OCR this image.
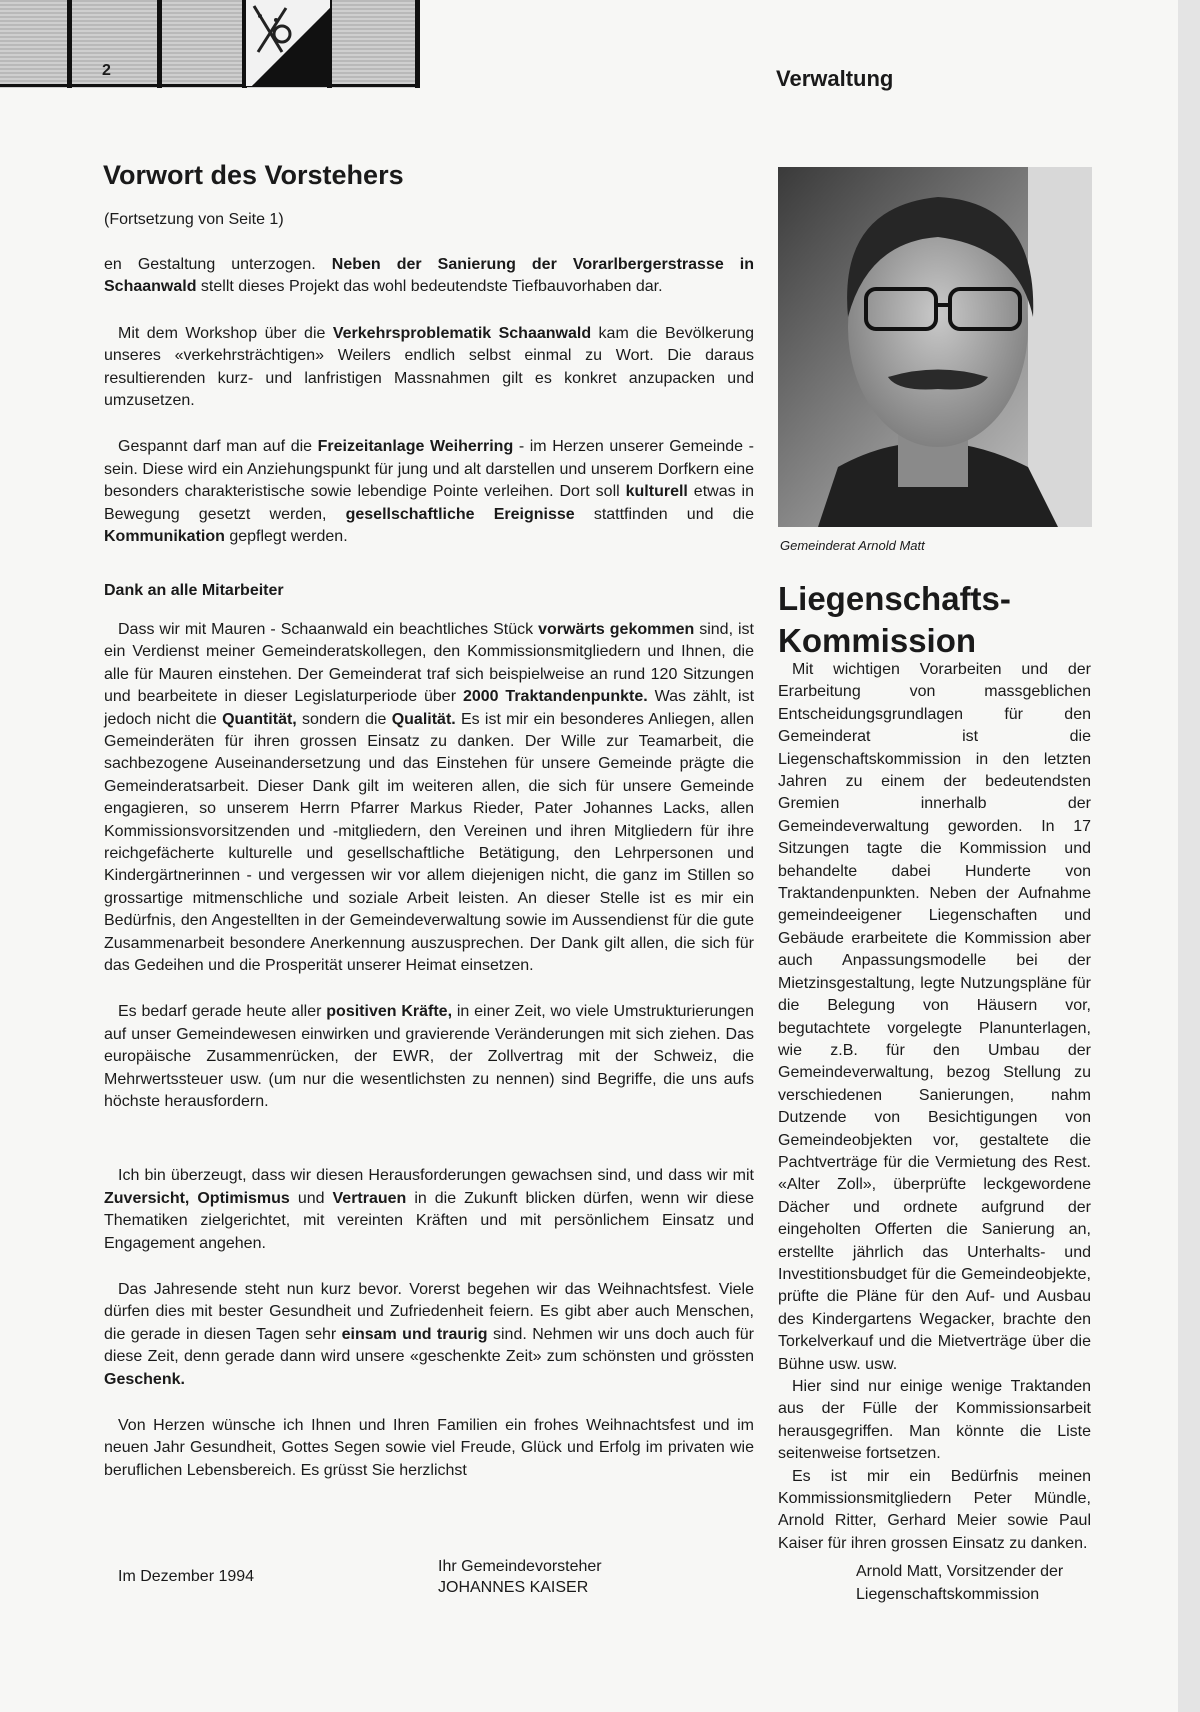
2	Verwaltung
Vorwort des Vorstehers

(Fortsetzung von Seite 1)

en Gestaltung unterzogen. Neben der Sanierung der Vorarlbergerstrasse in Schaanwald stellt dieses Projekt das wohl bedeutendste Tiefbauvorhaben dar.

Mit dem Workshop über die Verkehrsproblematik Schaanwald kam die Bevölkerung unseres «verkehrsträchtigen» Weilers endlich selbst einmal zu Wort. Die daraus resultierenden kurz- und lanfristigen Massnahmen gilt es konkret anzupacken und umzusetzen.

Gespannt darf man auf die Freizeitanlage Weiherring - im Herzen unserer Gemeinde - sein. Diese wird ein Anziehungspunkt für jung und alt darstellen und unserem Dorfkern eine besonders charakteristische sowie lebendige Pointe verleihen. Dort soll kulturell etwas in Bewegung gesetzt werden, gesellschaftliche Ereignisse stattfinden und die Kommunikation gepflegt werden.

Dank an alle Mitarbeiter

Dass wir mit Mauren - Schaanwald ein beachtliches Stück vorwärts gekommen sind, ist ein Verdienst meiner Gemeinderatskollegen, den Kommissionsmitgliedern und Ihnen, die alle für Mauren einstehen. Der Gemeinderat traf sich beispielweise an rund 120 Sitzungen und bearbeitete in dieser Legislaturperiode über 2000 Traktandenpunkte. Was zählt, ist jedoch nicht die Quantität, sondern die Qualität. Es ist mir ein besonderes Anliegen, allen Gemeinderäten für ihren grossen Einsatz zu danken. Der Wille zur Teamarbeit, die sachbezogene Auseinandersetzung und das Einstehen für unsere Gemeinde prägte die Gemeinderatsarbeit. Dieser Dank gilt im weiteren allen, die sich für unsere Gemeinde engagieren, so unserem Herrn Pfarrer Markus Rieder, Pater Johannes Lacks, allen Kommissionsvorsitzenden und -mitgliedern, den Vereinen und ihren Mitgliedern für ihre reichgefächerte kulturelle und gesellschaftliche Betätigung, den Lehrpersonen und Kindergärtnerinnen - und vergessen wir vor allem diejenigen nicht, die ganz im Stillen so grossartige mitmenschliche und soziale Arbeit leisten. An dieser Stelle ist es mir ein Bedürfnis, den Angestellten in der Gemeindeverwaltung sowie im Aussendienst für die gute Zusammenarbeit besondere Anerkennung auszusprechen. Der Dank gilt allen, die sich für das Gedeihen und die Prosperität unserer Heimat einsetzen.

Es bedarf gerade heute aller positiven Kräfte, in einer Zeit, wo viele Umstrukturierungen auf unser Gemeindewesen einwirken und gravierende Veränderungen mit sich ziehen. Das europäische Zusammenrücken, der EWR, der Zollvertrag mit der Schweiz, die Mehrwertssteuer usw. (um nur die wesentlichsten zu nennen) sind Begriffe, die uns aufs höchste herausfordern.

Ich bin überzeugt, dass wir diesen Herausforderungen gewachsen sind, und dass wir mit Zuversicht, Optimismus und Vertrauen in die Zukunft blicken dürfen, wenn wir diese Thematiken zielgerichtet, mit vereinten Kräften und mit persönlichem Einsatz und Engagement angehen.

Das Jahresende steht nun kurz bevor. Vorerst begehen wir das Weihnachtsfest. Viele dürfen dies mit bester Gesundheit und Zufriedenheit feiern. Es gibt aber auch Menschen, die gerade in diesen Tagen sehr einsam und traurig sind. Nehmen wir uns doch auch für diese Zeit, denn gerade dann wird unsere «geschenkte Zeit» zum schönsten und grössten Geschenk.

Von Herzen wünsche ich Ihnen und Ihren Familien ein frohes Weihnachtsfest und im neuen Jahr Gesundheit, Gottes Segen sowie viel Freude, Glück und Erfolg im privaten wie beruflichen Lebensbereich. Es grüsst Sie herzlichst

Im Dezember 1994
Ihr Gemeindevorsteher
JOHANNES KAISER
Gemeinderat Arnold Matt
Liegenschafts-
Kommission

Mit wichtigen Vorarbeiten und der Erarbeitung von massgeblichen Entscheidungsgrundlagen für den Gemeinderat ist die Liegenschaftskommission in den letzten Jahren zu einem der bedeutendsten Gremien innerhalb der Gemeindeverwaltung geworden. In 17 Sitzungen tagte die Kommission und behandelte dabei Hunderte von Traktandenpunkten. Neben der Aufnahme gemeindeeigener Liegenschaften und Gebäude erarbeitete die Kommission aber auch Anpassungsmodelle bei der Mietzinsgestaltung, legte Nutzungspläne für die Belegung von Häusern vor, begutachtete vorgelegte Planunterlagen, wie z.B. für den Umbau der Gemeindeverwaltung, bezog Stellung zu verschiedenen Sanierungen, nahm Dutzende von Besichtigungen von Gemeindeobjekten vor, gestaltete die Pachtverträge für die Vermietung des Rest. «Alter Zoll», überprüfte leckgewordene Dächer und ordnete aufgrund der eingeholten Offerten die Sanierung an, erstellte jährlich das Unterhalts- und Investitionsbudget für die Gemeindeobjekte, prüfte die Pläne für den Auf- und Ausbau des Kindergartens Wegacker, brachte den Torkelverkauf und die Mietverträge über die Bühne usw. usw.

Hier sind nur einige wenige Traktanden aus der Fülle der Kommissionsarbeit herausgegriffen. Man könnte die Liste seitenweise fortsetzen.

Es ist mir ein Bedürfnis meinen Kommissionsmitgliedern Peter Mündle, Arnold Ritter, Gerhard Meier sowie Paul Kaiser für ihren grossen Einsatz zu danken.

Arnold Matt, Vorsitzender der
Liegenschaftskommission
